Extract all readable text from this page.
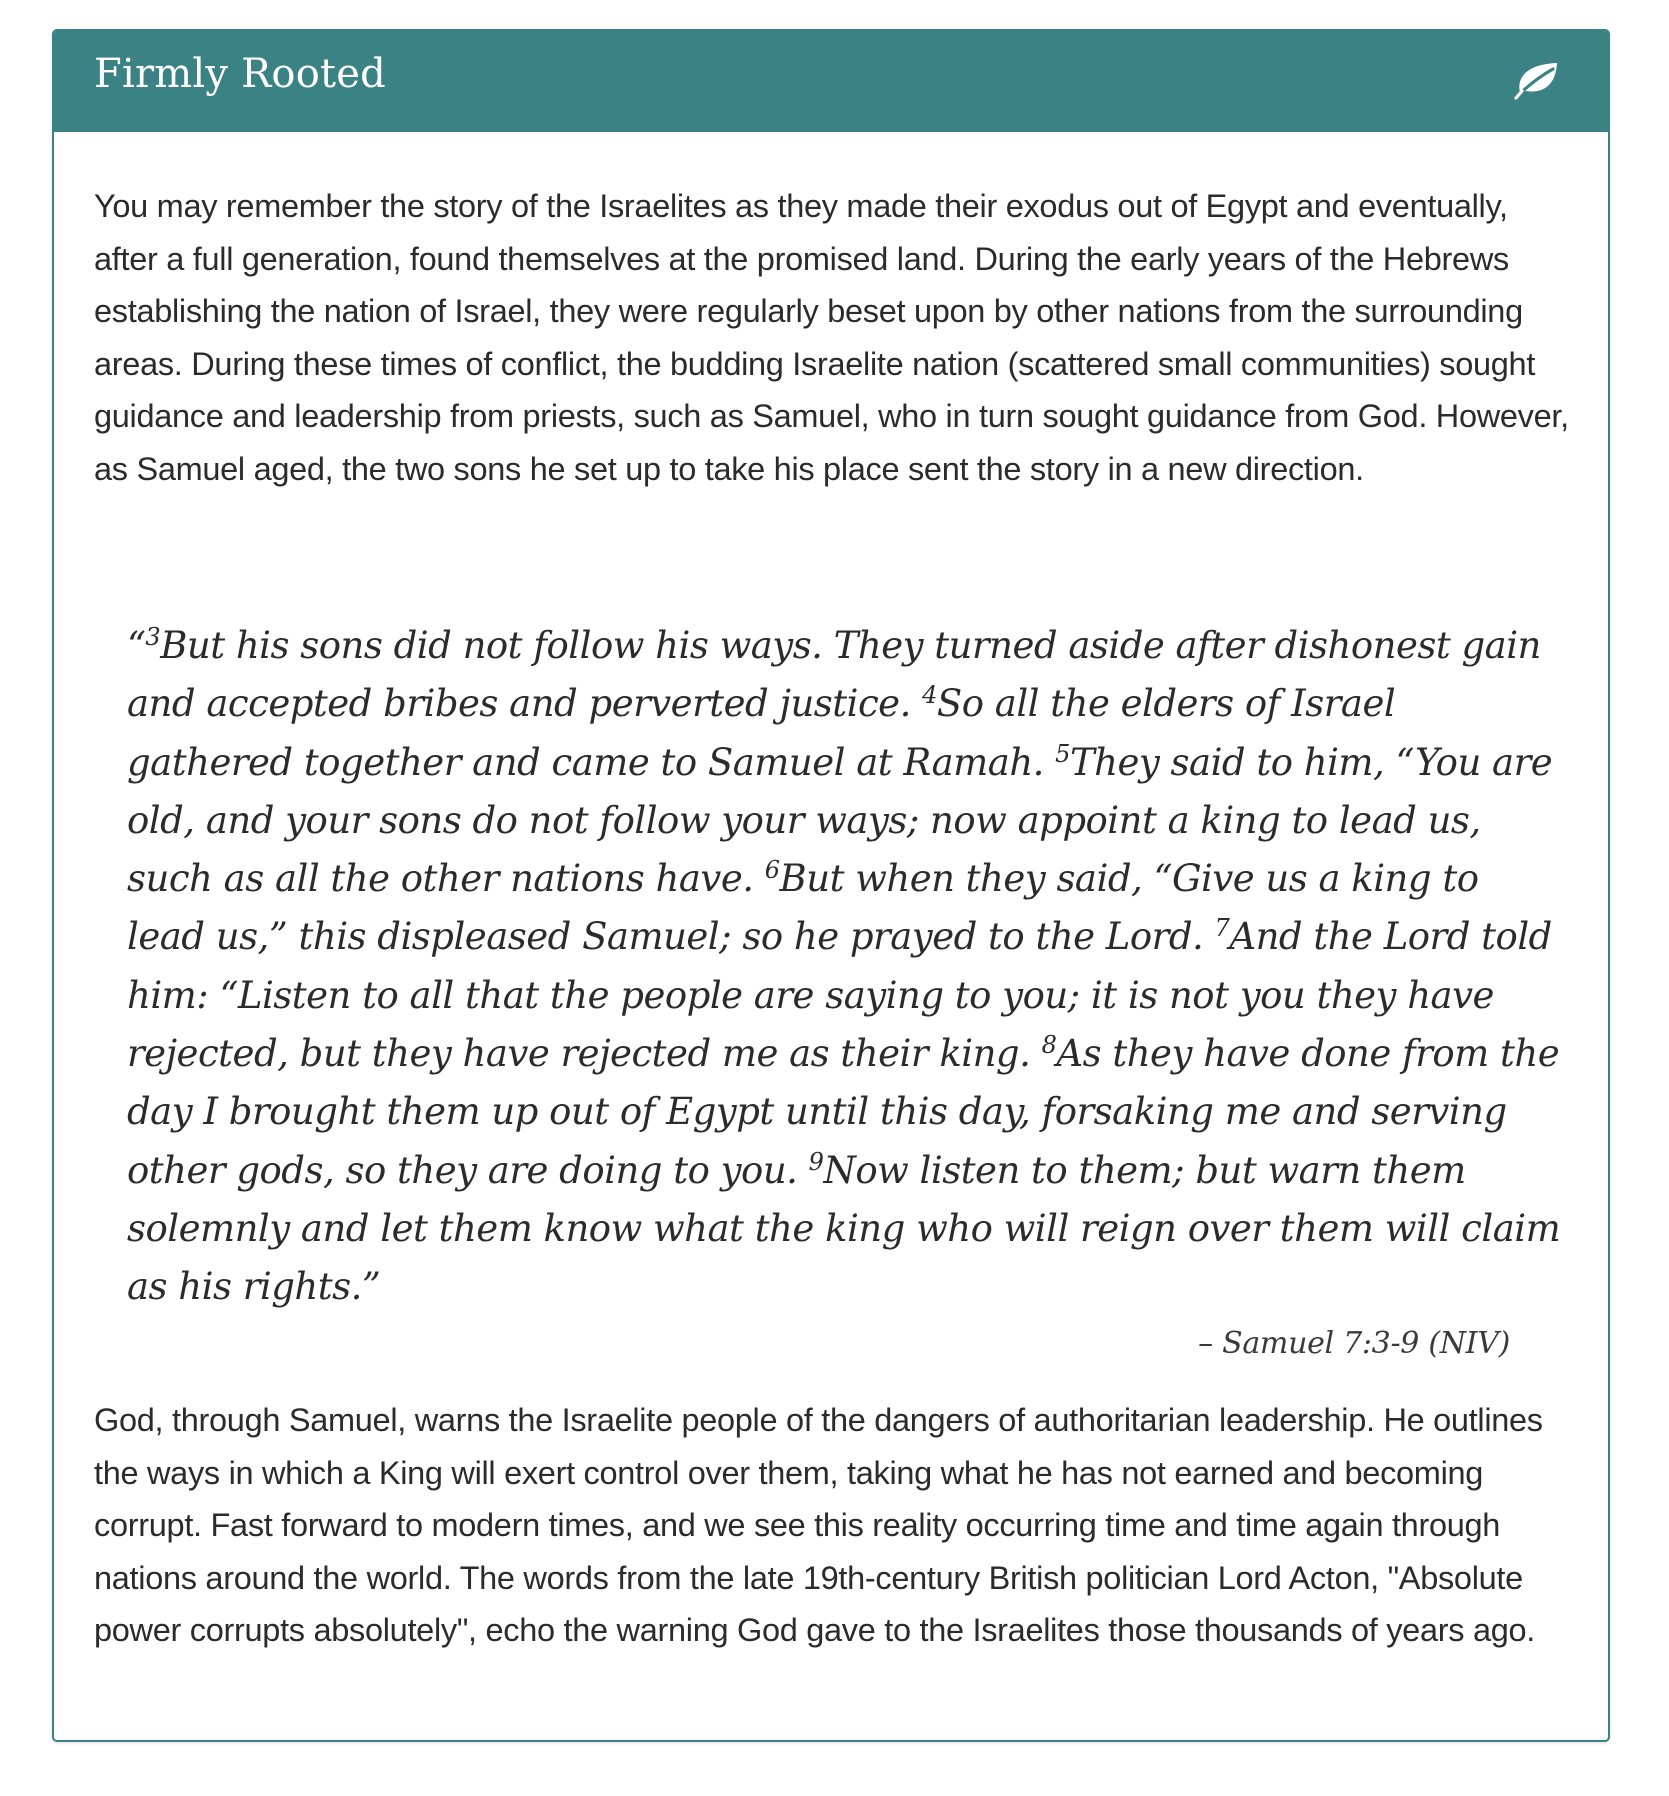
Firmly Rooted

You may remember the story of the Israelites as they made their exodus out of Egypt and eventually, after a full generation, found themselves at the promised land. During the early years of the Hebrews establishing the nation of Israel, they were regularly beset upon by other nations from the surrounding areas. During these times of conflict, the budding Israelite nation (scattered small communities) sought guidance and leadership from priests, such as Samuel, who in turn sought guidance from God. However, as Samuel aged, the two sons he set up to take his place sent the story in a new direction.

“$^3$But his sons did not follow his ways. They turned aside after dishonest gain and accepted bribes and perverted justice. $^4$So all the elders of Israel gathered together and came to Samuel at Ramah. $^5$They said to him, “You are old, and your sons do not follow your ways; now appoint a king to lead us, such as all the other nations have. $^6$But when they said, “Give us a king to lead us,” this displeased Samuel; so he prayed to the Lord. $^7$And the Lord told him: “Listen to all that the people are saying to you; it is not you they have rejected, but they have rejected me as their king. $^8$As they have done from the day I brought them up out of Egypt until this day, forsaking me and serving other gods, so they are doing to you. $^9$Now listen to them; but warn them solemnly and let them know what the king who will reign over them will claim as his rights.”

– Samuel 7:3-9 (NIV)

God, through Samuel, warns the Israelite people of the dangers of authoritarian leadership. He outlines the ways in which a King will exert control over them, taking what he has not earned and becoming corrupt. Fast forward to modern times, and we see this reality occurring time and time again through nations around the world. The words from the late 19th-century British politician Lord Acton, "Absolute power corrupts absolutely", echo the warning God gave to the Israelites those thousands of years ago.
